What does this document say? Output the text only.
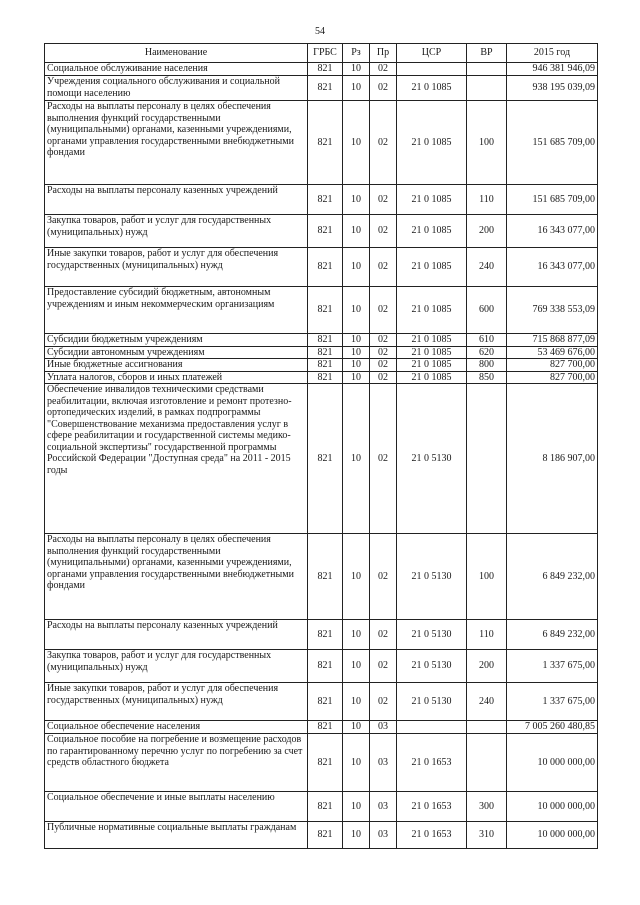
54
Наименование	ГРБС	Рз	Пр	ЦСР	ВР	2015 год
Социальное обслуживание населения	821	10	02			946 381 946,09
Учреждения социального обслуживания и социальной помощи населению	821	10	02	21 0 1085		938 195 039,09
Расходы на выплаты персоналу в целях обеспечения выполнения функций государственными (муниципальными) органами, казенными учреждениями, органами управления государственными внебюджетными фондами	821	10	02	21 0 1085	100	151 685 709,00
Расходы на выплаты персоналу казенных учреждений	821	10	02	21 0 1085	110	151 685 709,00
Закупка товаров, работ и услуг для государственных (муниципальных) нужд	821	10	02	21 0 1085	200	16 343 077,00
Иные закупки товаров, работ и услуг для обеспечения государственных (муниципальных) нужд	821	10	02	21 0 1085	240	16 343 077,00
Предоставление субсидий бюджетным, автономным учреждениям и иным некоммерческим организациям	821	10	02	21 0 1085	600	769 338 553,09
Субсидии бюджетным учреждениям	821	10	02	21 0 1085	610	715 868 877,09
Субсидии автономным учреждениям	821	10	02	21 0 1085	620	53 469 676,00
Иные бюджетные ассигнования	821	10	02	21 0 1085	800	827 700,00
Уплата налогов, сборов и иных платежей	821	10	02	21 0 1085	850	827 700,00
Обеспечение инвалидов техническими средствами реабилитации, включая изготовление и ремонт протезно-ортопедических изделий, в рамках подпрограммы "Совершенствование механизма предоставления услуг в сфере реабилитации и государственной системы медико-социальной экспертизы" государственной программы Российской Федерации "Доступная среда" на 2011 - 2015 годы	821	10	02	21 0 5130		8 186 907,00
Расходы на выплаты персоналу в целях обеспечения выполнения функций государственными (муниципальными) органами, казенными учреждениями, органами управления государственными внебюджетными фондами	821	10	02	21 0 5130	100	6 849 232,00
Расходы на выплаты персоналу казенных учреждений	821	10	02	21 0 5130	110	6 849 232,00
Закупка товаров, работ и услуг для государственных (муниципальных) нужд	821	10	02	21 0 5130	200	1 337 675,00
Иные закупки товаров, работ и услуг для обеспечения государственных (муниципальных) нужд	821	10	02	21 0 5130	240	1 337 675,00
Социальное обеспечение населения	821	10	03			7 005 260 480,85
Социальное пособие на погребение и возмещение расходов по гарантированному перечню услуг по погребению за счет средств областного бюджета	821	10	03	21 0 1653		10 000 000,00
Социальное обеспечение и иные выплаты населению	821	10	03	21 0 1653	300	10 000 000,00
Публичные нормативные социальные выплаты гражданам	821	10	03	21 0 1653	310	10 000 000,00
